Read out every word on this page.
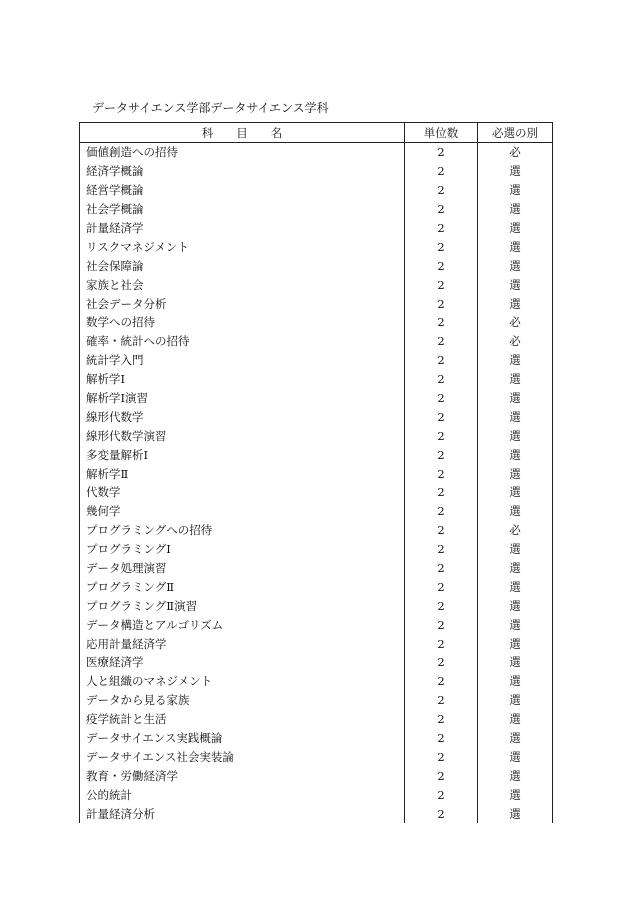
データサイエンス学部データサイエンス学科
科　　目　　名	単位数	必選の別
価値創造への招待	2	必
経済学概論	2	選
経営学概論	2	選
社会学概論	2	選
計量経済学	2	選
リスクマネジメント	2	選
社会保障論	2	選
家族と社会	2	選
社会データ分析	2	選
数学への招待	2	必
確率・統計への招待	2	必
統計学入門	2	選
解析学Ⅰ	2	選
解析学Ⅰ演習	2	選
線形代数学	2	選
線形代数学演習	2	選
多変量解析Ⅰ	2	選
解析学Ⅱ	2	選
代数学	2	選
幾何学	2	選
プログラミングへの招待	2	必
プログラミングⅠ	2	選
データ処理演習	2	選
プログラミングⅡ	2	選
プログラミングⅡ演習	2	選
データ構造とアルゴリズム	2	選
応用計量経済学	2	選
医療経済学	2	選
人と組織のマネジメント	2	選
データから見る家族	2	選
疫学統計と生活	2	選
データサイエンス実践概論	2	選
データサイエンス社会実装論	2	選
教育・労働経済学	2	選
公的統計	2	選
計量経済分析	2	選
